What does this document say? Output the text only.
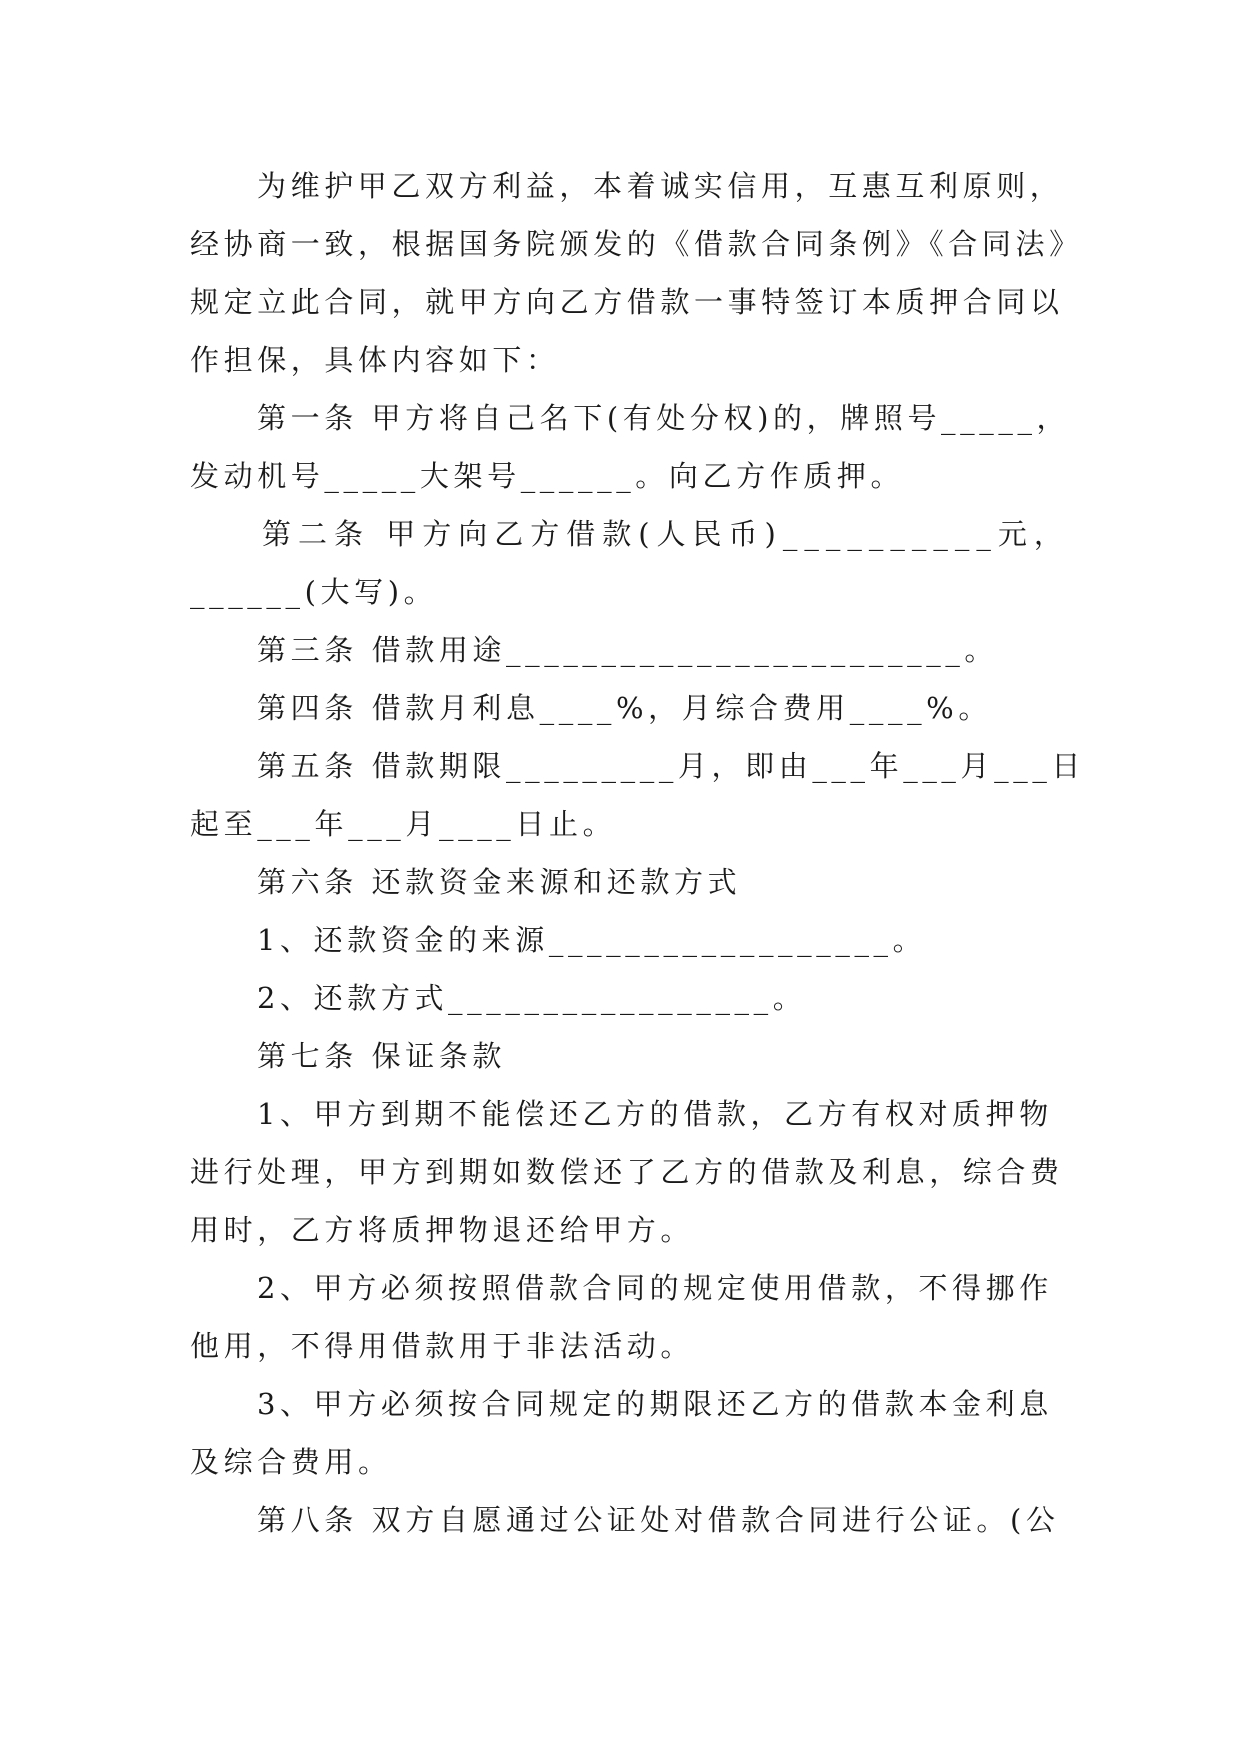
为维护甲乙双方利益，本着诚实信用，互惠互利原则，
经协商一致，根据国务院颁发的《借款合同条例》《合同法》
规定立此合同，就甲方向乙方借款一事特签订本质押合同以
作担保，具体内容如下：
第一条 甲方将自己名下(有处分权)的，牌照号_____，
发动机号_____大架号______。向乙方作质押。
第二条 甲方向乙方借款(人民币)__________元，
______(大写)。
第三条 借款用途________________________。
第四条 借款月利息____%，月综合费用____%。
第五条 借款期限_________月，即由___年___月___日
起至___年___月____日止。
第六条 还款资金来源和还款方式
1、还款资金的来源__________________。
2、还款方式_________________。
第七条 保证条款
1、甲方到期不能偿还乙方的借款，乙方有权对质押物
进行处理，甲方到期如数偿还了乙方的借款及利息，综合费
用时，乙方将质押物退还给甲方。
2、甲方必须按照借款合同的规定使用借款，不得挪作
他用，不得用借款用于非法活动。
3、甲方必须按合同规定的期限还乙方的借款本金利息
及综合费用。
第八条 双方自愿通过公证处对借款合同进行公证。(公
